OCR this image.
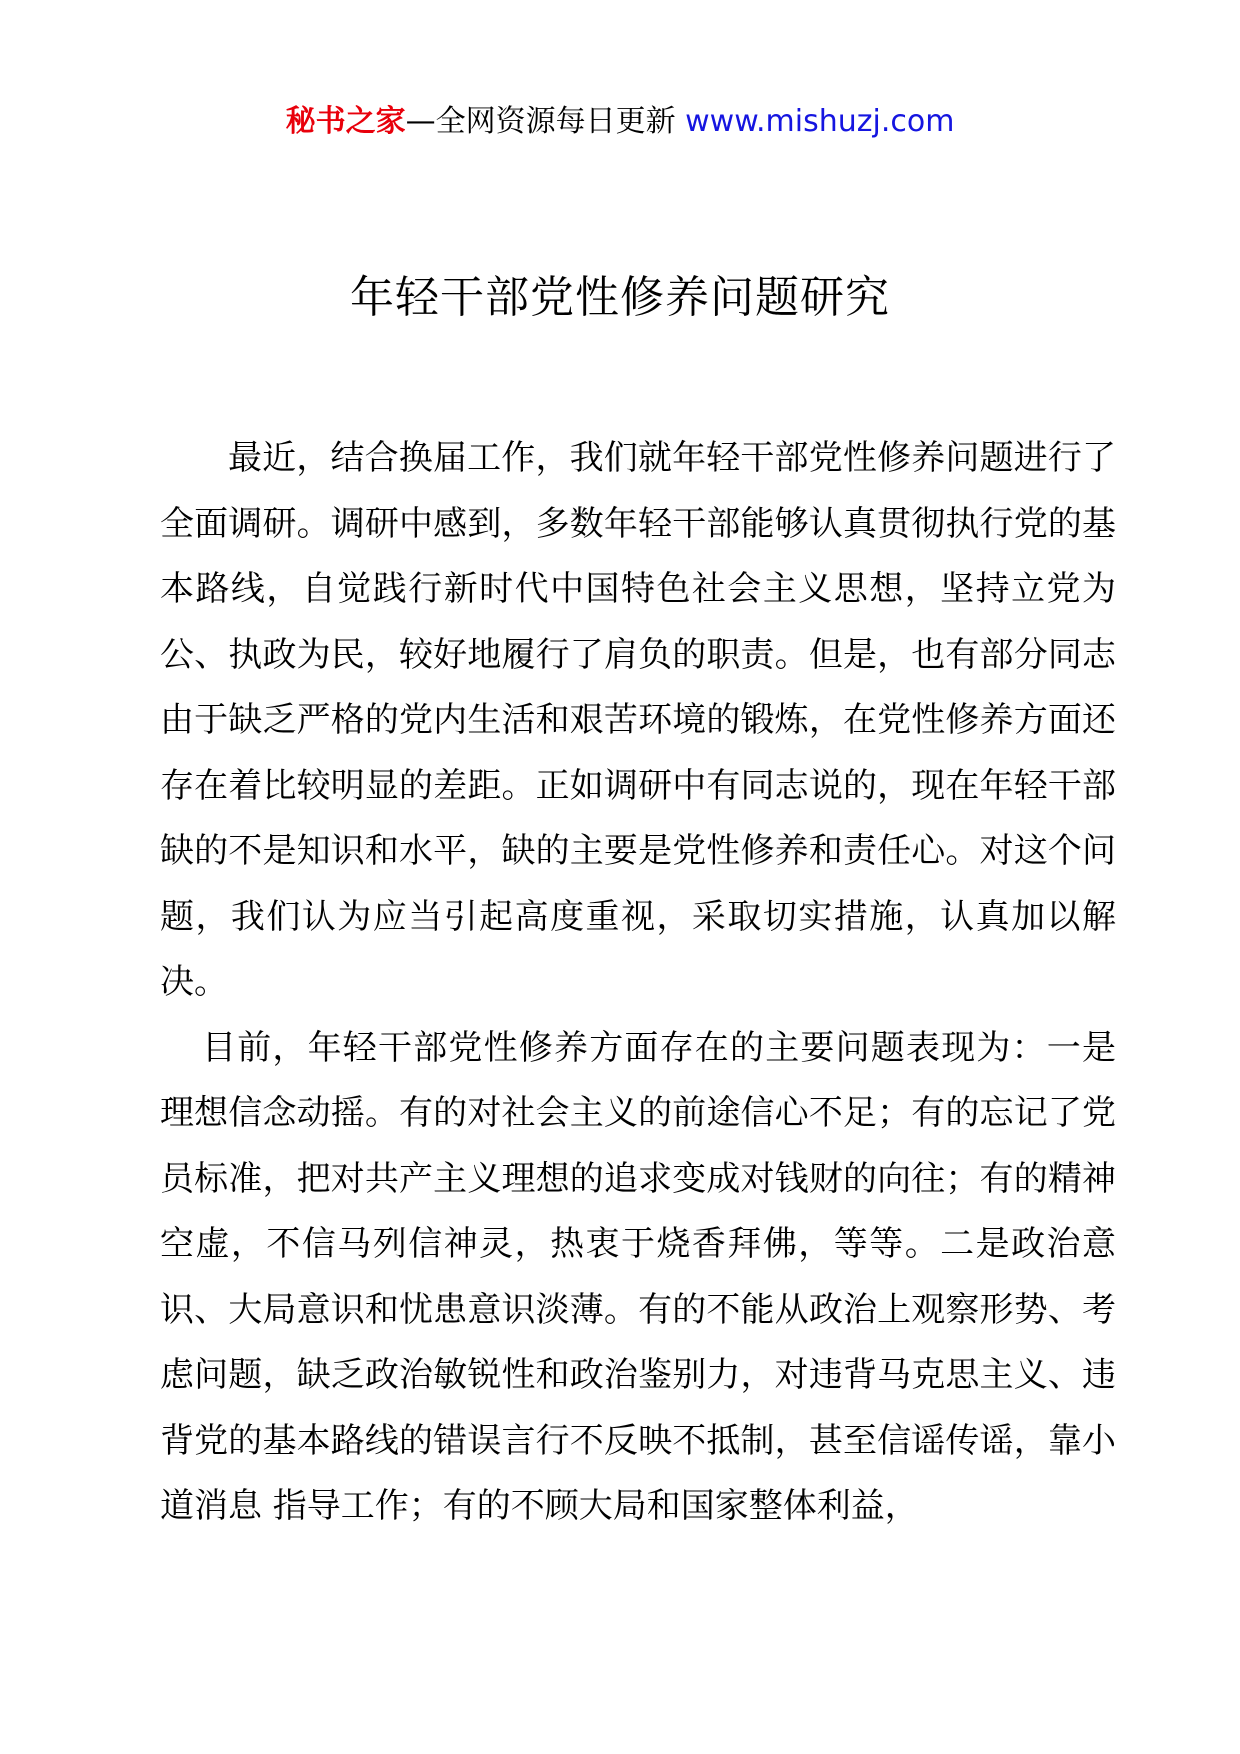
秘书之家—全网资源每日更新 www.mishuzj.com
年轻干部党性修养问题研究

最近，结合换届工作，我们就年轻干部党性修养问题进行了全面调研。调研中感到，多数年轻干部能够认真贯彻执行党的基本路线，自觉践行新时代中国特色社会主义思想，坚持立党为公、执政为民，较好地履行了肩负的职责。但是，也有部分同志由于缺乏严格的党内生活和艰苦环境的锻炼，在党性修养方面还存在着比较明显的差距。正如调研中有同志说的，现在年轻干部缺的不是知识和水平，缺的主要是党性修养和责任心。对这个问题，我们认为应当引起高度重视，采取切实措施，认真加以解决。

目前，年轻干部党性修养方面存在的主要问题表现为：一是理想信念动摇。有的对社会主义的前途信心不足；有的忘记了党员标准，把对共产主义理想的追求变成对钱财的向往；有的精神空虚，不信马列信神灵，热衷于烧香拜佛，等等。二是政治意识、大局意识和忧患意识淡薄。有的不能从政治上观察形势、考虑问题，缺乏政治敏锐性和政治鉴别力，对违背马克思主义、违背党的基本路线的错误言行不反映不抵制，甚至信谣传谣，靠小道消息 指导工作；有的不顾大局和国家整体利益，
